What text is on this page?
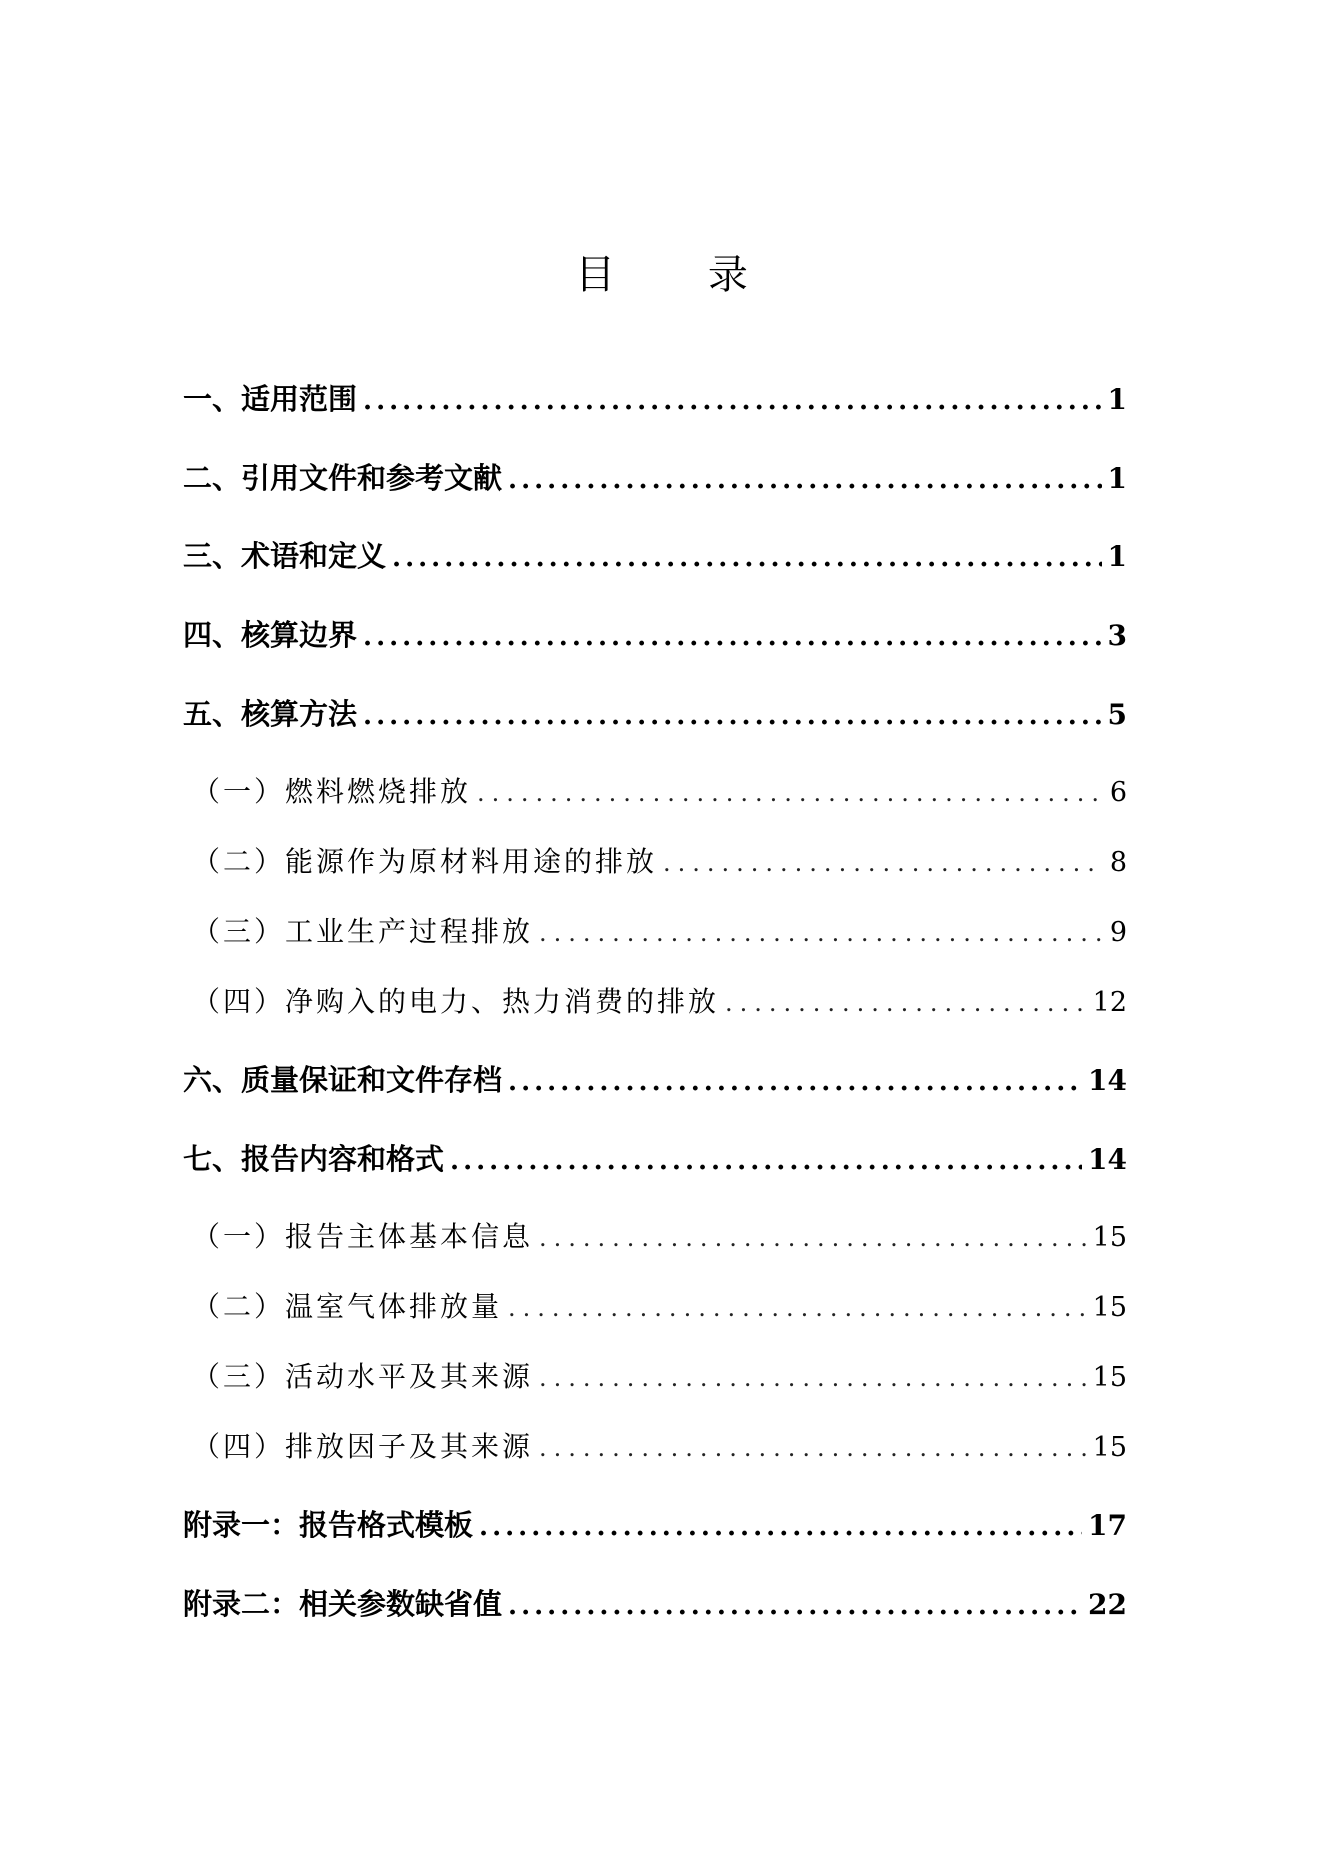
目 录
一、适用范围 .....	1
二、引用文件和参考文献 .....	1
三、术语和定义 .....	1
四、核算边界 .....	3
五、核算方法 .....	5
（一）燃料燃烧排放 .....	6
（二）能源作为原材料用途的排放 .....	8
（三）工业生产过程排放 .....	9
（四）净购入的电力、热力消费的排放 .....	12
六、质量保证和文件存档 .....	14
七、报告内容和格式 .....	14
（一）报告主体基本信息 .....	15
（二）温室气体排放量 .....	15
（三）活动水平及其来源 .....	15
（四）排放因子及其来源 .....	15
附录一：报告格式模板 .....	17
附录二：相关参数缺省值 .....	22
